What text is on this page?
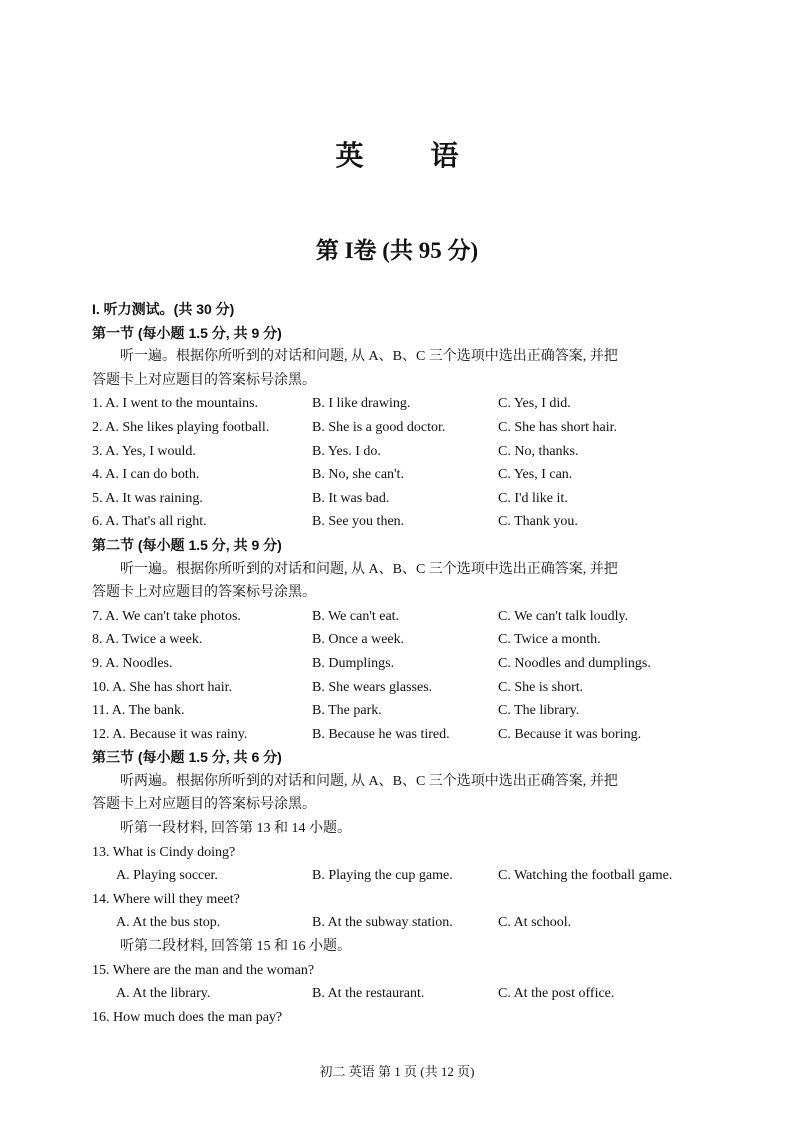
英 语
第 I卷 (共 95 分)
I. 听力测试。(共 30 分)
第一节 (每小题 1.5 分, 共 9 分)
听一遍。根据你所听到的对话和问题, 从 A、B、C 三个选项中选出正确答案, 并把
答题卡上对应题目的答案标号涂黑。
1. A. I went to the mountains.	B. I like drawing.	C. Yes, I did.
2. A. She likes playing football.	B. She is a good doctor.	C. She has short hair.
3. A. Yes, I would.	B. Yes. I do.	C. No, thanks.
4. A. I can do both.	B. No, she can't.	C. Yes, I can.
5. A. It was raining.	B. It was bad.	C. I'd like it.
6. A. That's all right.	B. See you then.	C. Thank you.
第二节 (每小题 1.5 分, 共 9 分)
听一遍。根据你所听到的对话和问题, 从 A、B、C 三个选项中选出正确答案, 并把
答题卡上对应题目的答案标号涂黑。
7. A. We can't take photos.	B. We can't eat.	C. We can't talk loudly.
8. A. Twice a week.	B. Once a week.	C. Twice a month.
9. A. Noodles.	B. Dumplings.	C. Noodles and dumplings.
10. A. She has short hair.	B. She wears glasses.	C. She is short.
11. A. The bank.	B. The park.	C. The library.
12. A. Because it was rainy.	B. Because he was tired.	C. Because it was boring.
第三节 (每小题 1.5 分, 共 6 分)
听两遍。根据你所听到的对话和问题, 从 A、B、C 三个选项中选出正确答案, 并把
答题卡上对应题目的答案标号涂黑。
听第一段材料, 回答第 13 和 14 小题。
13. What is Cindy doing?
A. Playing soccer.	B. Playing the cup game.	C. Watching the football game.
14. Where will they meet?
A. At the bus stop.	B. At the subway station.	C. At school.
听第二段材料, 回答第 15 和 16 小题。
15. Where are the man and the woman?
A. At the library.	B. At the restaurant.	C. At the post office.
16. How much does the man pay?
初二 英语 第 1 页 (共 12 页)
